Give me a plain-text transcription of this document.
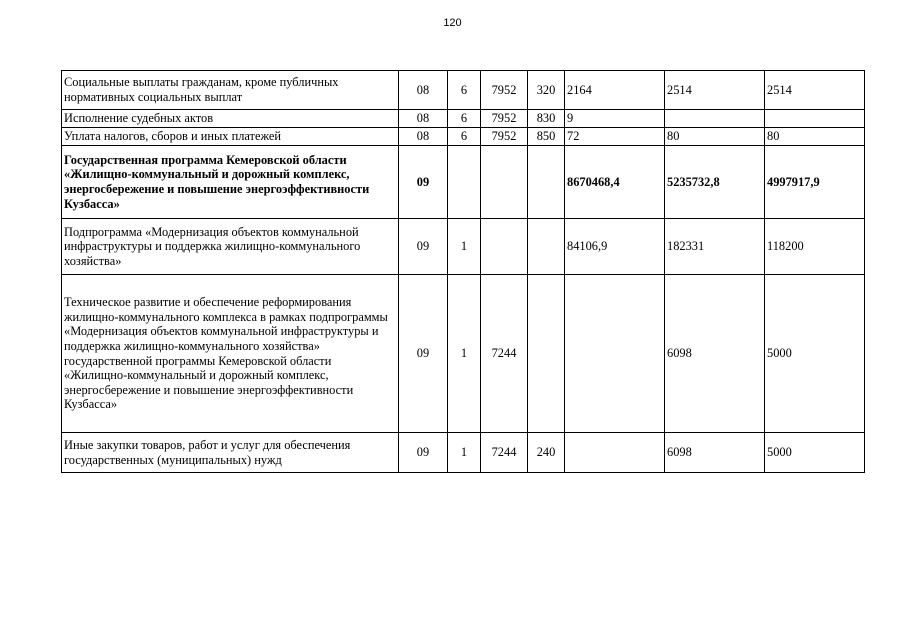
120
Социальные выплаты гражданам, кроме публичных нормативных социальных выплат	08	6	7952	320	2164	2514	2514
Исполнение судебных актов	08	6	7952	830	9		
Уплата налогов, сборов и иных платежей	08	6	7952	850	72	80	80
Государственная программа Кемеровской области «Жилищно-коммунальный и дорожный комплекс, энергосбережение и повышение энергоэффективности Кузбасса»	09				8670468,4	5235732,8	4997917,9
Подпрограмма «Модернизация объектов коммунальной инфраструктуры и поддержка жилищно-коммунального хозяйства»	09	1			84106,9	182331	118200
Техническое развитие и обеспечение реформирования жилищно-коммунального комплекса в рамках подпрограммы «Модернизация объектов коммунальной инфраструктуры и поддержка жилищно-коммунального хозяйства» государственной программы Кемеровской области «Жилищно-коммунальный и дорожный комплекс, энергосбережение и повышение энергоэффективности Кузбасса»	09	1	7244			6098	5000
Иные закупки товаров, работ и услуг для обеспечения государственных (муниципальных) нужд	09	1	7244	240		6098	5000
